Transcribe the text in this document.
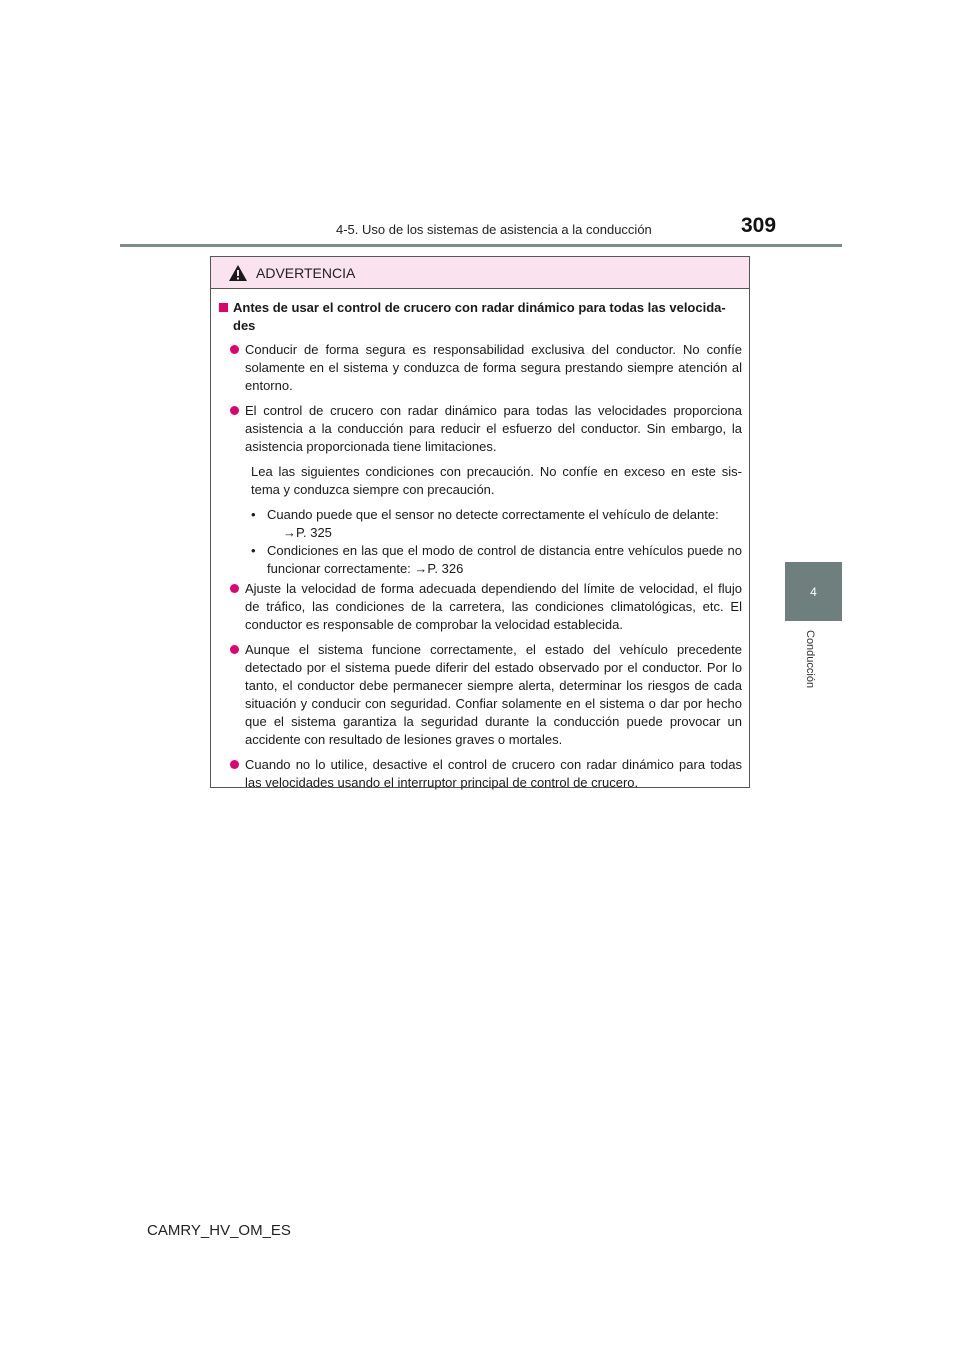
4-5. Uso de los sistemas de asistencia a la conducción	309
4
Conducción
ADVERTENCIA
Antes de usar el control de crucero con radar dinámico para todas las velocida-des
Conducir de forma segura es responsabilidad exclusiva del conductor. No confíe solamente en el sistema y conduzca de forma segura prestando siempre atención al entorno.
El control de crucero con radar dinámico para todas las velocidades proporciona asistencia a la conducción para reducir el esfuerzo del conductor. Sin embargo, la asistencia proporcionada tiene limitaciones.
Lea las siguientes condiciones con precaución. No confíe en exceso en este sis-tema y conduzca siempre con precaución.
• Cuando puede que el sensor no detecte correctamente el vehículo de delante:
→P. 325
• Condiciones en las que el modo de control de distancia entre vehículos puede no funcionar correctamente: →P. 326
Ajuste la velocidad de forma adecuada dependiendo del límite de velocidad, el flujo de tráfico, las condiciones de la carretera, las condiciones climatológicas, etc. El conductor es responsable de comprobar la velocidad establecida.
Aunque el sistema funcione correctamente, el estado del vehículo precedente detectado por el sistema puede diferir del estado observado por el conductor. Por lo tanto, el conductor debe permanecer siempre alerta, determinar los riesgos de cada situación y conducir con seguridad. Confiar solamente en el sistema o dar por hecho que el sistema garantiza la seguridad durante la conducción puede provocar un accidente con resultado de lesiones graves o mortales.
Cuando no lo utilice, desactive el control de crucero con radar dinámico para todas las velocidades usando el interruptor principal de control de crucero.
CAMRY_HV_OM_ES
